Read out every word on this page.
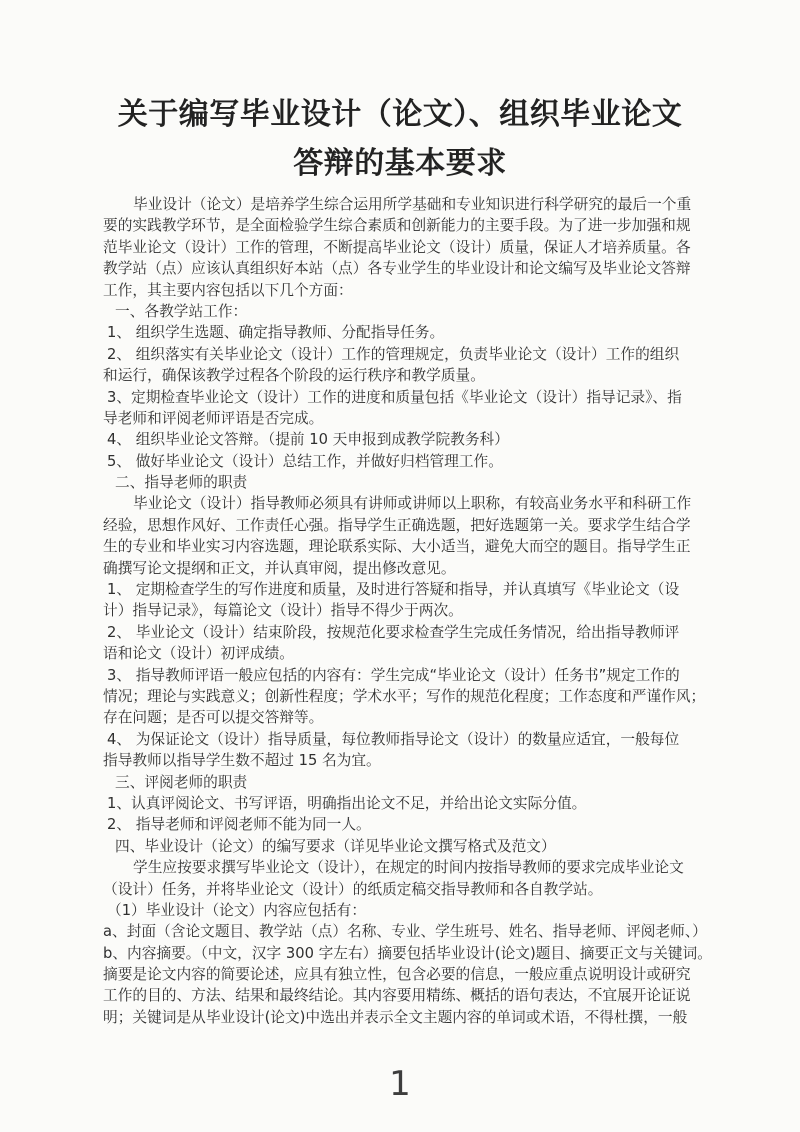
关于编写毕业设计（论文）、组织毕业论文
答辩的基本要求
毕业设计（论文）是培养学生综合运用所学基础和专业知识进行科学研究的最后一个重
要的实践教学环节，是全面检验学生综合素质和创新能力的主要手段。为了进一步加强和规
范毕业论文（设计）工作的管理，不断提高毕业论文（设计）质量，保证人才培养质量。各
教学站（点）应该认真组织好本站（点）各专业学生的毕业设计和论文编写及毕业论文答辩
工作，其主要内容包括以下几个方面：
一、各教学站工作：
1、 组织学生选题、确定指导教师、分配指导任务。
2、 组织落实有关毕业论文（设计）工作的管理规定，负责毕业论文（设计）工作的组织
和运行，确保该教学过程各个阶段的运行秩序和教学质量。
3、定期检查毕业论文（设计）工作的进度和质量包括《毕业论文（设计）指导记录》、指
导老师和评阅老师评语是否完成。
4、 组织毕业论文答辩。（提前 10 天申报到成教学院教务科）
5、 做好毕业论文（设计）总结工作，并做好归档管理工作。
二、指导老师的职责
毕业论文（设计）指导教师必须具有讲师或讲师以上职称，有较高业务水平和科研工作
经验，思想作风好、工作责任心强。指导学生正确选题，把好选题第一关。要求学生结合学
生的专业和毕业实习内容选题，理论联系实际、大小适当，避免大而空的题目。指导学生正
确撰写论文提纲和正文，并认真审阅，提出修改意见。
1、 定期检查学生的写作进度和质量，及时进行答疑和指导，并认真填写《毕业论文（设
计）指导记录》，每篇论文（设计）指导不得少于两次。
2、 毕业论文（设计）结束阶段，按规范化要求检查学生完成任务情况，给出指导教师评
语和论文（设计）初评成绩。
3、 指导教师评语一般应包括的内容有：学生完成“毕业论文（设计）任务书”规定工作的
情况；理论与实践意义；创新性程度；学术水平；写作的规范化程度；工作态度和严谨作风；
存在问题；是否可以提交答辩等。
4、 为保证论文（设计）指导质量，每位教师指导论文（设计）的数量应适宜，一般每位
指导教师以指导学生数不超过 15 名为宜。
三、评阅老师的职责
1、认真评阅论文、书写评语，明确指出论文不足，并给出论文实际分值。
2、 指导老师和评阅老师不能为同一人。
四、毕业设计（论文）的编写要求（详见毕业论文撰写格式及范文）
学生应按要求撰写毕业论文（设计），在规定的时间内按指导教师的要求完成毕业论文
（设计）任务，并将毕业论文（设计）的纸质定稿交指导教师和各自教学站。
（1）毕业设计（论文）内容应包括有：
a、封面（含论文题目、教学站（点）名称、专业、学生班号、姓名、指导老师、评阅老师、）
b、内容摘要。（中文，汉字 300 字左右）摘要包括毕业设计(论文)题目、摘要正文与关键词。
摘要是论文内容的简要论述，应具有独立性，包含必要的信息，一般应重点说明设计或研究
工作的目的、方法、结果和最终结论。其内容要用精练、概括的语句表达，不宜展开论证说
明；关键词是从毕业设计(论文)中选出并表示全文主题内容的单词或术语，不得杜撰，一般
1
